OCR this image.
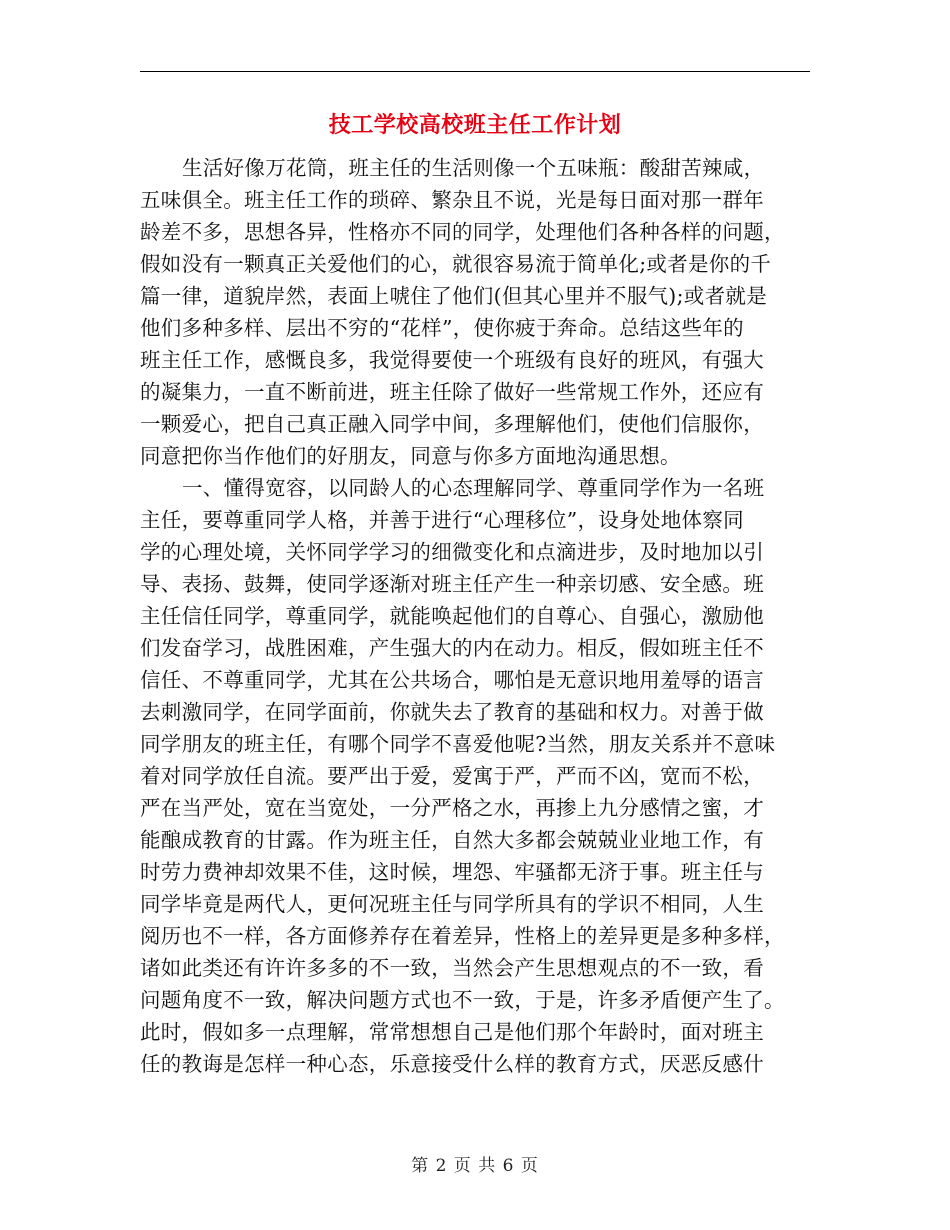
技工学校高校班主任工作计划
生活好像万花筒，班主任的生活则像一个五味瓶：酸甜苦辣咸，
五味俱全。班主任工作的琐碎、繁杂且不说，光是每日面对那一群年
龄差不多，思想各异，性格亦不同的同学，处理他们各种各样的问题，
假如没有一颗真正关爱他们的心，就很容易流于简单化;或者是你的千
篇一律，道貌岸然，表面上唬住了他们(但其心里并不服气);或者就是
他们多种多样、层出不穷的“花样”，使你疲于奔命。总结这些年的
班主任工作，感慨良多，我觉得要使一个班级有良好的班风，有强大
的凝集力，一直不断前进，班主任除了做好一些常规工作外，还应有
一颗爱心，把自己真正融入同学中间，多理解他们，使他们信服你，
同意把你当作他们的好朋友，同意与你多方面地沟通思想。
一、懂得宽容，以同龄人的心态理解同学、尊重同学作为一名班
主任，要尊重同学人格，并善于进行“心理移位”，设身处地体察同
学的心理处境，关怀同学学习的细微变化和点滴进步，及时地加以引
导、表扬、鼓舞，使同学逐渐对班主任产生一种亲切感、安全感。班
主任信任同学，尊重同学，就能唤起他们的自尊心、自强心，激励他
们发奋学习，战胜困难，产生强大的内在动力。相反，假如班主任不
信任、不尊重同学，尤其在公共场合，哪怕是无意识地用羞辱的语言
去刺激同学，在同学面前，你就失去了教育的基础和权力。对善于做
同学朋友的班主任，有哪个同学不喜爱他呢?当然，朋友关系并不意味
着对同学放任自流。要严出于爱，爱寓于严，严而不凶，宽而不松，
严在当严处，宽在当宽处，一分严格之水，再掺上九分感情之蜜，才
能酿成教育的甘露。作为班主任，自然大多都会兢兢业业地工作，有
时劳力费神却效果不佳，这时候，埋怨、牢骚都无济于事。班主任与
同学毕竟是两代人，更何况班主任与同学所具有的学识不相同，人生
阅历也不一样，各方面修养存在着差异，性格上的差异更是多种多样，
诸如此类还有许许多多的不一致，当然会产生思想观点的不一致，看
问题角度不一致，解决问题方式也不一致，于是，许多矛盾便产生了。
此时，假如多一点理解，常常想想自己是他们那个年龄时，面对班主
任的教诲是怎样一种心态，乐意接受什么样的教育方式，厌恶反感什
第 2 页 共 6 页
